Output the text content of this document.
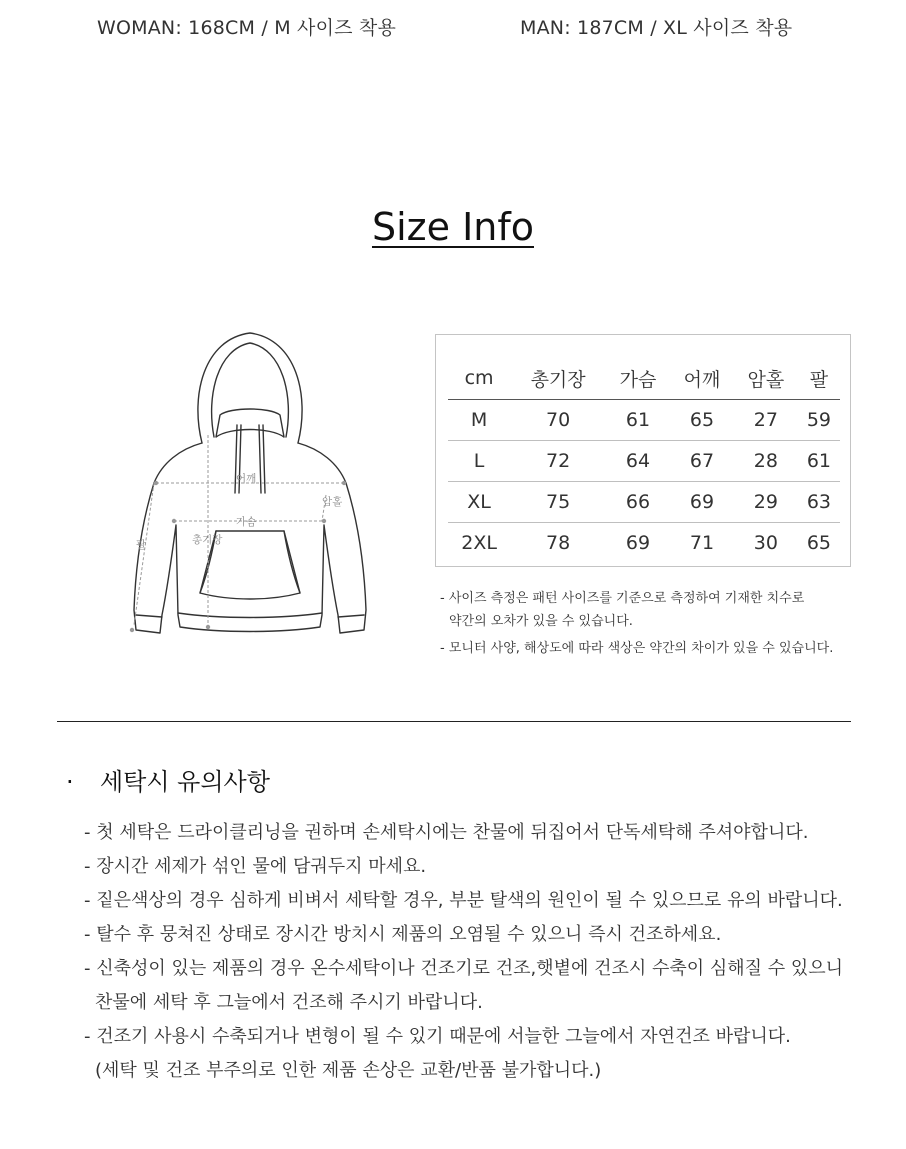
WOMAN: 168CM / M 사이즈 착용	MAN: 187CM / XL 사이즈 착용
Size Info
어깨
가슴
암홀
팔	총기장
cm	총기장	가슴	어깨	암홀	팔
M	70	61	65	27	59
L	72	64	67	28	61
XL	75	66	69	29	63
2XL	78	69	71	30	65
- 사이즈 측정은 패턴 사이즈를 기준으로 측정하여 기재한 치수로
약간의 오차가 있을 수 있습니다.
- 모니터 사양, 해상도에 따라 색상은 약간의 차이가 있을 수 있습니다.
· 세탁시 유의사항
- 첫 세탁은 드라이클리닝을 권하며 손세탁시에는 찬물에 뒤집어서 단독세탁해 주셔야합니다.
- 장시간 세제가 섞인 물에 담궈두지 마세요.
- 짙은색상의 경우 심하게 비벼서 세탁할 경우, 부분 탈색의 원인이 될 수 있으므로 유의 바랍니다.
- 탈수 후 뭉쳐진 상태로 장시간 방치시 제품의 오염될 수 있으니 즉시 건조하세요.
- 신축성이 있는 제품의 경우 온수세탁이나 건조기로 건조,햇볕에 건조시 수축이 심해질 수 있으니
찬물에 세탁 후 그늘에서 건조해 주시기 바랍니다.
- 건조기 사용시 수축되거나 변형이 될 수 있기 때문에 서늘한 그늘에서 자연건조 바랍니다.
(세탁 및 건조 부주의로 인한 제품 손상은 교환/반품 불가합니다.)
